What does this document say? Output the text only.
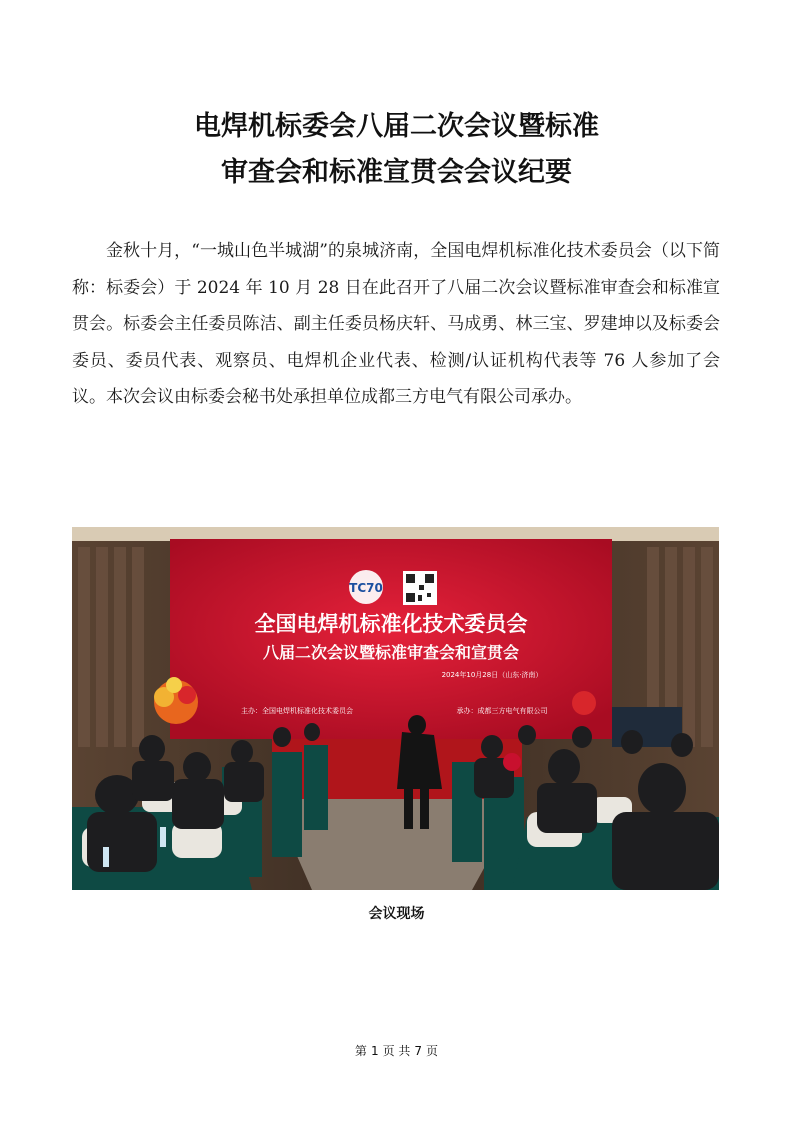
电焊机标委会八届二次会议暨标准
审查会和标准宣贯会会议纪要

金秋十月，“一城山色半城湖”的泉城济南，全国电焊机标准化技术委员会（以下简称：标委会）于 2024 年 10 月 28 日在此召开了八届二次会议暨标准审查会和标准宣贯会。标委会主任委员陈洁、副主任委员杨庆轩、马成勇、林三宝、罗建坤以及标委会委员、委员代表、观察员、电焊机企业代表、检测/认证机构代表等 76 人参加了会议。本次会议由标委会秘书处承担单位成都三方电气有限公司承办。

TC70
全国电焊机标准化技术委员会
八届二次会议暨标准审查会和宣贯会
2024年10月28日（山东·济南）
主办：全国电焊机标准化技术委员会	承办：成都三方电气有限公司
会议现场
第 1 页 共 7 页
